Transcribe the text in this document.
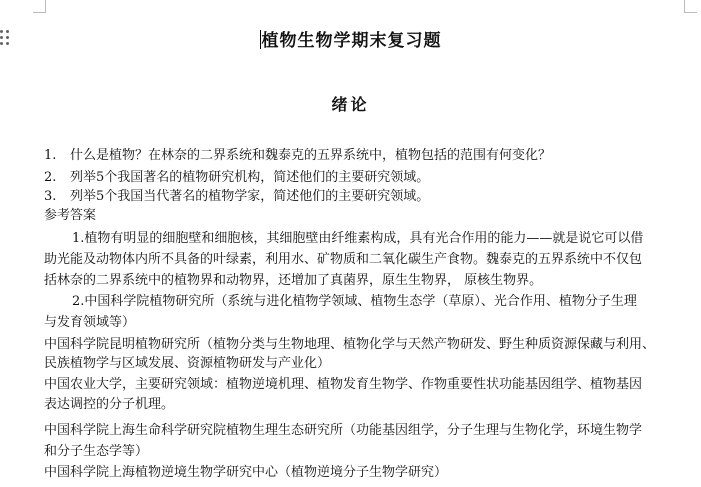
植物生物学期末复习题
绪论
1. 什么是植物？在林奈的二界系统和魏泰克的五界系统中，植物包括的范围有何变化？
2. 列举5个我国著名的植物研究机构，简述他们的主要研究领域。
3. 列举5个我国当代著名的植物学家，简述他们的主要研究领域。
参考答案
1.植物有明显的细胞壁和细胞核，其细胞壁由纤维素构成，具有光合作用的能力——就是说它可以借
助光能及动物体内所不具备的叶绿素，利用水、矿物质和二氧化碳生产食物。魏泰克的五界系统中不仅包
括林奈的二界系统中的植物界和动物界，还增加了真菌界，原生生物界， 原核生物界。
2.中国科学院植物研究所（系统与进化植物学领域、植物生态学（草原）、光合作用、植物分子生理
与发育领域等）
中国科学院昆明植物研究所（植物分类与生物地理、植物化学与天然产物研发、野生种质资源保藏与利用、
民族植物学与区域发展、资源植物研发与产业化）
中国农业大学，主要研究领域：植物逆境机理、植物发育生物学、作物重要性状功能基因组学、植物基因
表达调控的分子机理。
中国科学院上海生命科学研究院植物生理生态研究所（功能基因组学，分子生理与生物化学，环境生物学
和分子生态学等）
中国科学院上海植物逆境生物学研究中心（植物逆境分子生物学研究）
